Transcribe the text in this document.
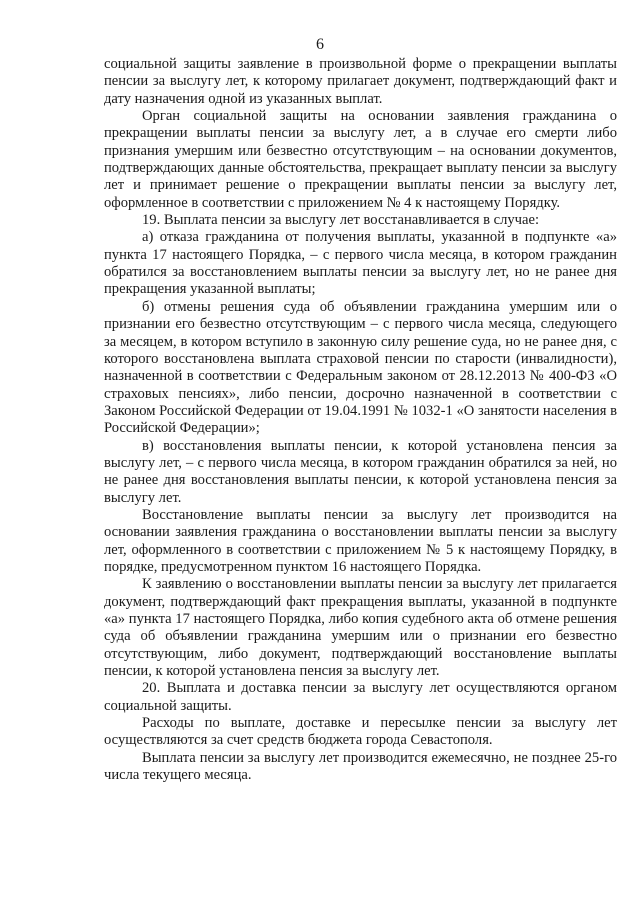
6

социальной защиты заявление в произвольной форме о прекращении выплаты пенсии за выслугу лет, к которому прилагает документ, подтверждающий факт и дату назначения одной из указанных выплат.

Орган социальной защиты на основании заявления гражданина о прекращении выплаты пенсии за выслугу лет, а в случае его смерти либо признания умершим или безвестно отсутствующим – на основании документов, подтверждающих данные обстоятельства, прекращает выплату пенсии за выслугу лет и принимает решение о прекращении выплаты пенсии за выслугу лет, оформленное в соответствии с приложением № 4 к настоящему Порядку.

19. Выплата пенсии за выслугу лет восстанавливается в случае:

а) отказа гражданина от получения выплаты, указанной в подпункте «а» пункта 17 настоящего Порядка, – с первого числа месяца, в котором гражданин обратился за восстановлением выплаты пенсии за выслугу лет, но не ранее дня прекращения указанной выплаты;

б) отмены решения суда об объявлении гражданина умершим или о признании его безвестно отсутствующим – с первого числа месяца, следующего за месяцем, в котором вступило в законную силу решение суда, но не ранее дня, с которого восстановлена выплата страховой пенсии по старости (инвалидности), назначенной в соответствии с Федеральным законом от 28.12.2013 № 400-ФЗ «О страховых пенсиях», либо пенсии, досрочно назначенной в соответствии с Законом Российской Федерации от 19.04.1991 № 1032-1 «О занятости населения в Российской Федерации»;

в) восстановления выплаты пенсии, к которой установлена пенсия за выслугу лет, – с первого числа месяца, в котором гражданин обратился за ней, но не ранее дня восстановления выплаты пенсии, к которой установлена пенсия за выслугу лет.

Восстановление выплаты пенсии за выслугу лет производится на основании заявления гражданина о восстановлении выплаты пенсии за выслугу лет, оформленного в соответствии с приложением № 5 к настоящему Порядку, в порядке, предусмотренном пунктом 16 настоящего Порядка.

К заявлению о восстановлении выплаты пенсии за выслугу лет прилагается документ, подтверждающий факт прекращения выплаты, указанной в подпункте «а» пункта 17 настоящего Порядка, либо копия судебного акта об отмене решения суда об объявлении гражданина умершим или о признании его безвестно отсутствующим, либо документ, подтверждающий восстановление выплаты пенсии, к которой установлена пенсия за выслугу лет.

20. Выплата и доставка пенсии за выслугу лет осуществляются органом социальной защиты.

Расходы по выплате, доставке и пересылке пенсии за выслугу лет осуществляются за счет средств бюджета города Севастополя.

Выплата пенсии за выслугу лет производится ежемесячно, не позднее 25-го числа текущего месяца.
